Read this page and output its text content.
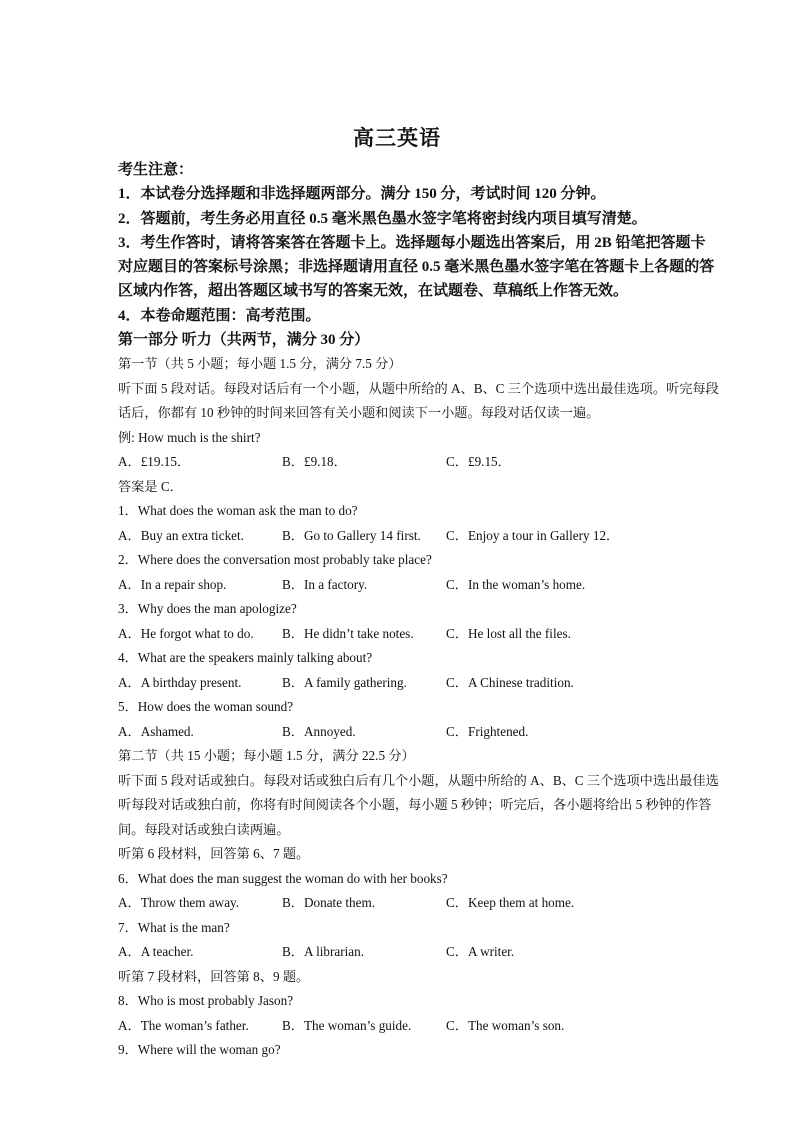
高三英语
考生注意：
1．本试卷分选择题和非选择题两部分。满分 150 分，考试时间 120 分钟。
2．答题前，考生务必用直径 0.5 毫米黑色墨水签字笔将密封线内项目填写清楚。
3．考生作答时，请将答案答在答题卡上。选择题每小题选出答案后，用 2B 铅笔把答题卡
对应题目的答案标号涂黑；非选择题请用直径 0.5 毫米黑色墨水签字笔在答题卡上各题的答
区域内作答，超出答题区域书写的答案无效，在试题卷、草稿纸上作答无效。
4．本卷命题范围：高考范围。
第一部分 听力（共两节，满分 30 分）
第一节（共 5 小题；每小题 1.5 分，满分 7.5 分）
听下面 5 段对话。每段对话后有一个小题，从题中所给的 A、B、C 三个选项中选出最佳选项。听完每段
话后，你都有 10 秒钟的时间来回答有关小题和阅读下一小题。每段对话仅读一遍。
例: How much is the shirt?
A．£19.15．	B．£9.18．	C．£9.15．
答案是 C．
1．What does the woman ask the man to do?
A．Buy an extra ticket.	B．Go to Gallery 14 first.	C．Enjoy a tour in Gallery 12．
2．Where does the conversation most probably take place?
A．In a repair shop.	B．In a factory.	C．In the woman’s home.
3．Why does the man apologize?
A．He forgot what to do.	B．He didn’t take notes.	C．He lost all the files.
4．What are the speakers mainly talking about?
A．A birthday present.	B．A family gathering.	C．A Chinese tradition.
5．How does the woman sound?
A．Ashamed.	B．Annoyed.	C．Frightened.
第二节（共 15 小题；每小题 1.5 分，满分 22.5 分）
听下面 5 段对话或独白。每段对话或独白后有几个小题，从题中所给的 A、B、C 三个选项中选出最佳选
听每段对话或独白前，你将有时间阅读各个小题，每小题 5 秒钟；听完后，各小题将给出 5 秒钟的作答
间。每段对话或独白读两遍。
听第 6 段材料，回答第 6、7 题。
6．What does the man suggest the woman do with her books?
A．Throw them away.	B．Donate them.	C．Keep them at home.
7．What is the man?
A．A teacher.	B．A librarian.	C．A writer.
听第 7 段材料，回答第 8、9 题。
8．Who is most probably Jason?
A．The woman’s father.	B．The woman’s guide.	C．The woman’s son.
9．Where will the woman go?
